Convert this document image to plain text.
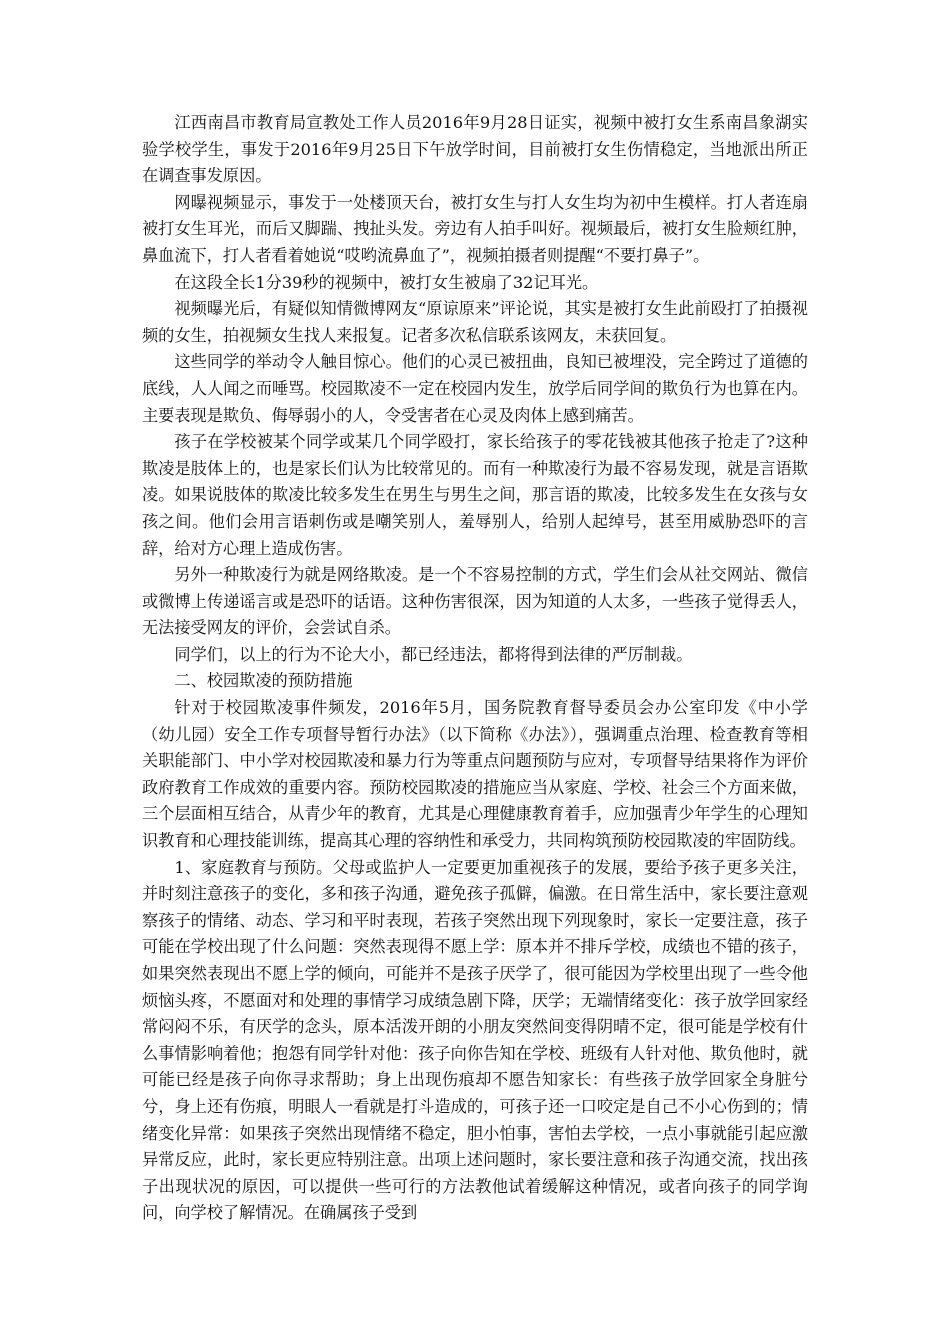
江西南昌市教育局宣教处工作人员2016年9月28日证实，视频中被打女生系南昌象湖实验学校学生，事发于2016年9月25日下午放学时间，目前被打女生伤情稳定，当地派出所正在调查事发原因。

网曝视频显示，事发于一处楼顶天台，被打女生与打人女生均为初中生模样。打人者连扇被打女生耳光，而后又脚踹、拽扯头发。旁边有人拍手叫好。视频最后，被打女生脸颊红肿，鼻血流下，打人者看着她说“哎哟流鼻血了”，视频拍摄者则提醒“不要打鼻子”。

在这段全长1分39秒的视频中，被打女生被扇了32记耳光。

视频曝光后，有疑似知情微博网友“原谅原来”评论说，其实是被打女生此前殴打了拍摄视频的女生，拍视频女生找人来报复。记者多次私信联系该网友，未获回复。

这些同学的举动令人触目惊心。他们的心灵已被扭曲，良知已被埋没，完全跨过了道德的底线，人人闻之而唾骂。校园欺凌不一定在校园内发生，放学后同学间的欺负行为也算在内。主要表现是欺负、侮辱弱小的人，令受害者在心灵及肉体上感到痛苦。

孩子在学校被某个同学或某几个同学殴打，家长给孩子的零花钱被其他孩子抢走了?这种欺凌是肢体上的，也是家长们认为比较常见的。而有一种欺凌行为最不容易发现，就是言语欺凌。如果说肢体的欺凌比较多发生在男生与男生之间，那言语的欺凌，比较多发生在女孩与女孩之间。他们会用言语刺伤或是嘲笑别人，羞辱别人，给别人起绰号，甚至用威胁恐吓的言辞，给对方心理上造成伤害。

另外一种欺凌行为就是网络欺凌。是一个不容易控制的方式，学生们会从社交网站、微信或微博上传递谣言或是恐吓的话语。这种伤害很深，因为知道的人太多，一些孩子觉得丢人，无法接受网友的评价，会尝试自杀。

同学们，以上的行为不论大小，都已经违法，都将得到法律的严厉制裁。

二、校园欺凌的预防措施

针对于校园欺凌事件频发，2016年5月，国务院教育督导委员会办公室印发《中小学（幼儿园）安全工作专项督导暂行办法》（以下简称《办法》），强调重点治理、检查教育等相关职能部门、中小学对校园欺凌和暴力行为等重点问题预防与应对，专项督导结果将作为评价政府教育工作成效的重要内容。预防校园欺凌的措施应当从家庭、学校、社会三个方面来做，三个层面相互结合，从青少年的教育，尤其是心理健康教育着手，应加强青少年学生的心理知识教育和心理技能训练，提高其心理的容纳性和承受力，共同构筑预防校园欺凌的牢固防线。

1、家庭教育与预防。父母或监护人一定要更加重视孩子的发展，要给予孩子更多关注，并时刻注意孩子的变化，多和孩子沟通，避免孩子孤僻，偏激。在日常生活中，家长要注意观察孩子的情绪、动态、学习和平时表现，若孩子突然出现下列现象时，家长一定要注意，孩子可能在学校出现了什么问题：突然表现得不愿上学：原本并不排斥学校，成绩也不错的孩子，如果突然表现出不愿上学的倾向，可能并不是孩子厌学了，很可能因为学校里出现了一些令他烦恼头疼，不愿面对和处理的事情学习成绩急剧下降，厌学；无端情绪变化：孩子放学回家经常闷闷不乐，有厌学的念头，原本活泼开朗的小朋友突然间变得阴晴不定，很可能是学校有什么事情影响着他；抱怨有同学针对他：孩子向你告知在学校、班级有人针对他、欺负他时，就可能已经是孩子向你寻求帮助；身上出现伤痕却不愿告知家长：有些孩子放学回家全身脏兮兮，身上还有伤痕，明眼人一看就是打斗造成的，可孩子还一口咬定是自己不小心伤到的；情绪变化异常：如果孩子突然出现情绪不稳定，胆小怕事，害怕去学校，一点小事就能引起应激异常反应，此时，家长更应特别注意。出项上述问题时，家长要注意和孩子沟通交流，找出孩子出现状况的原因，可以提供一些可行的方法教他试着缓解这种情况，或者向孩子的同学询问，向学校了解情况。在确属孩子受到
